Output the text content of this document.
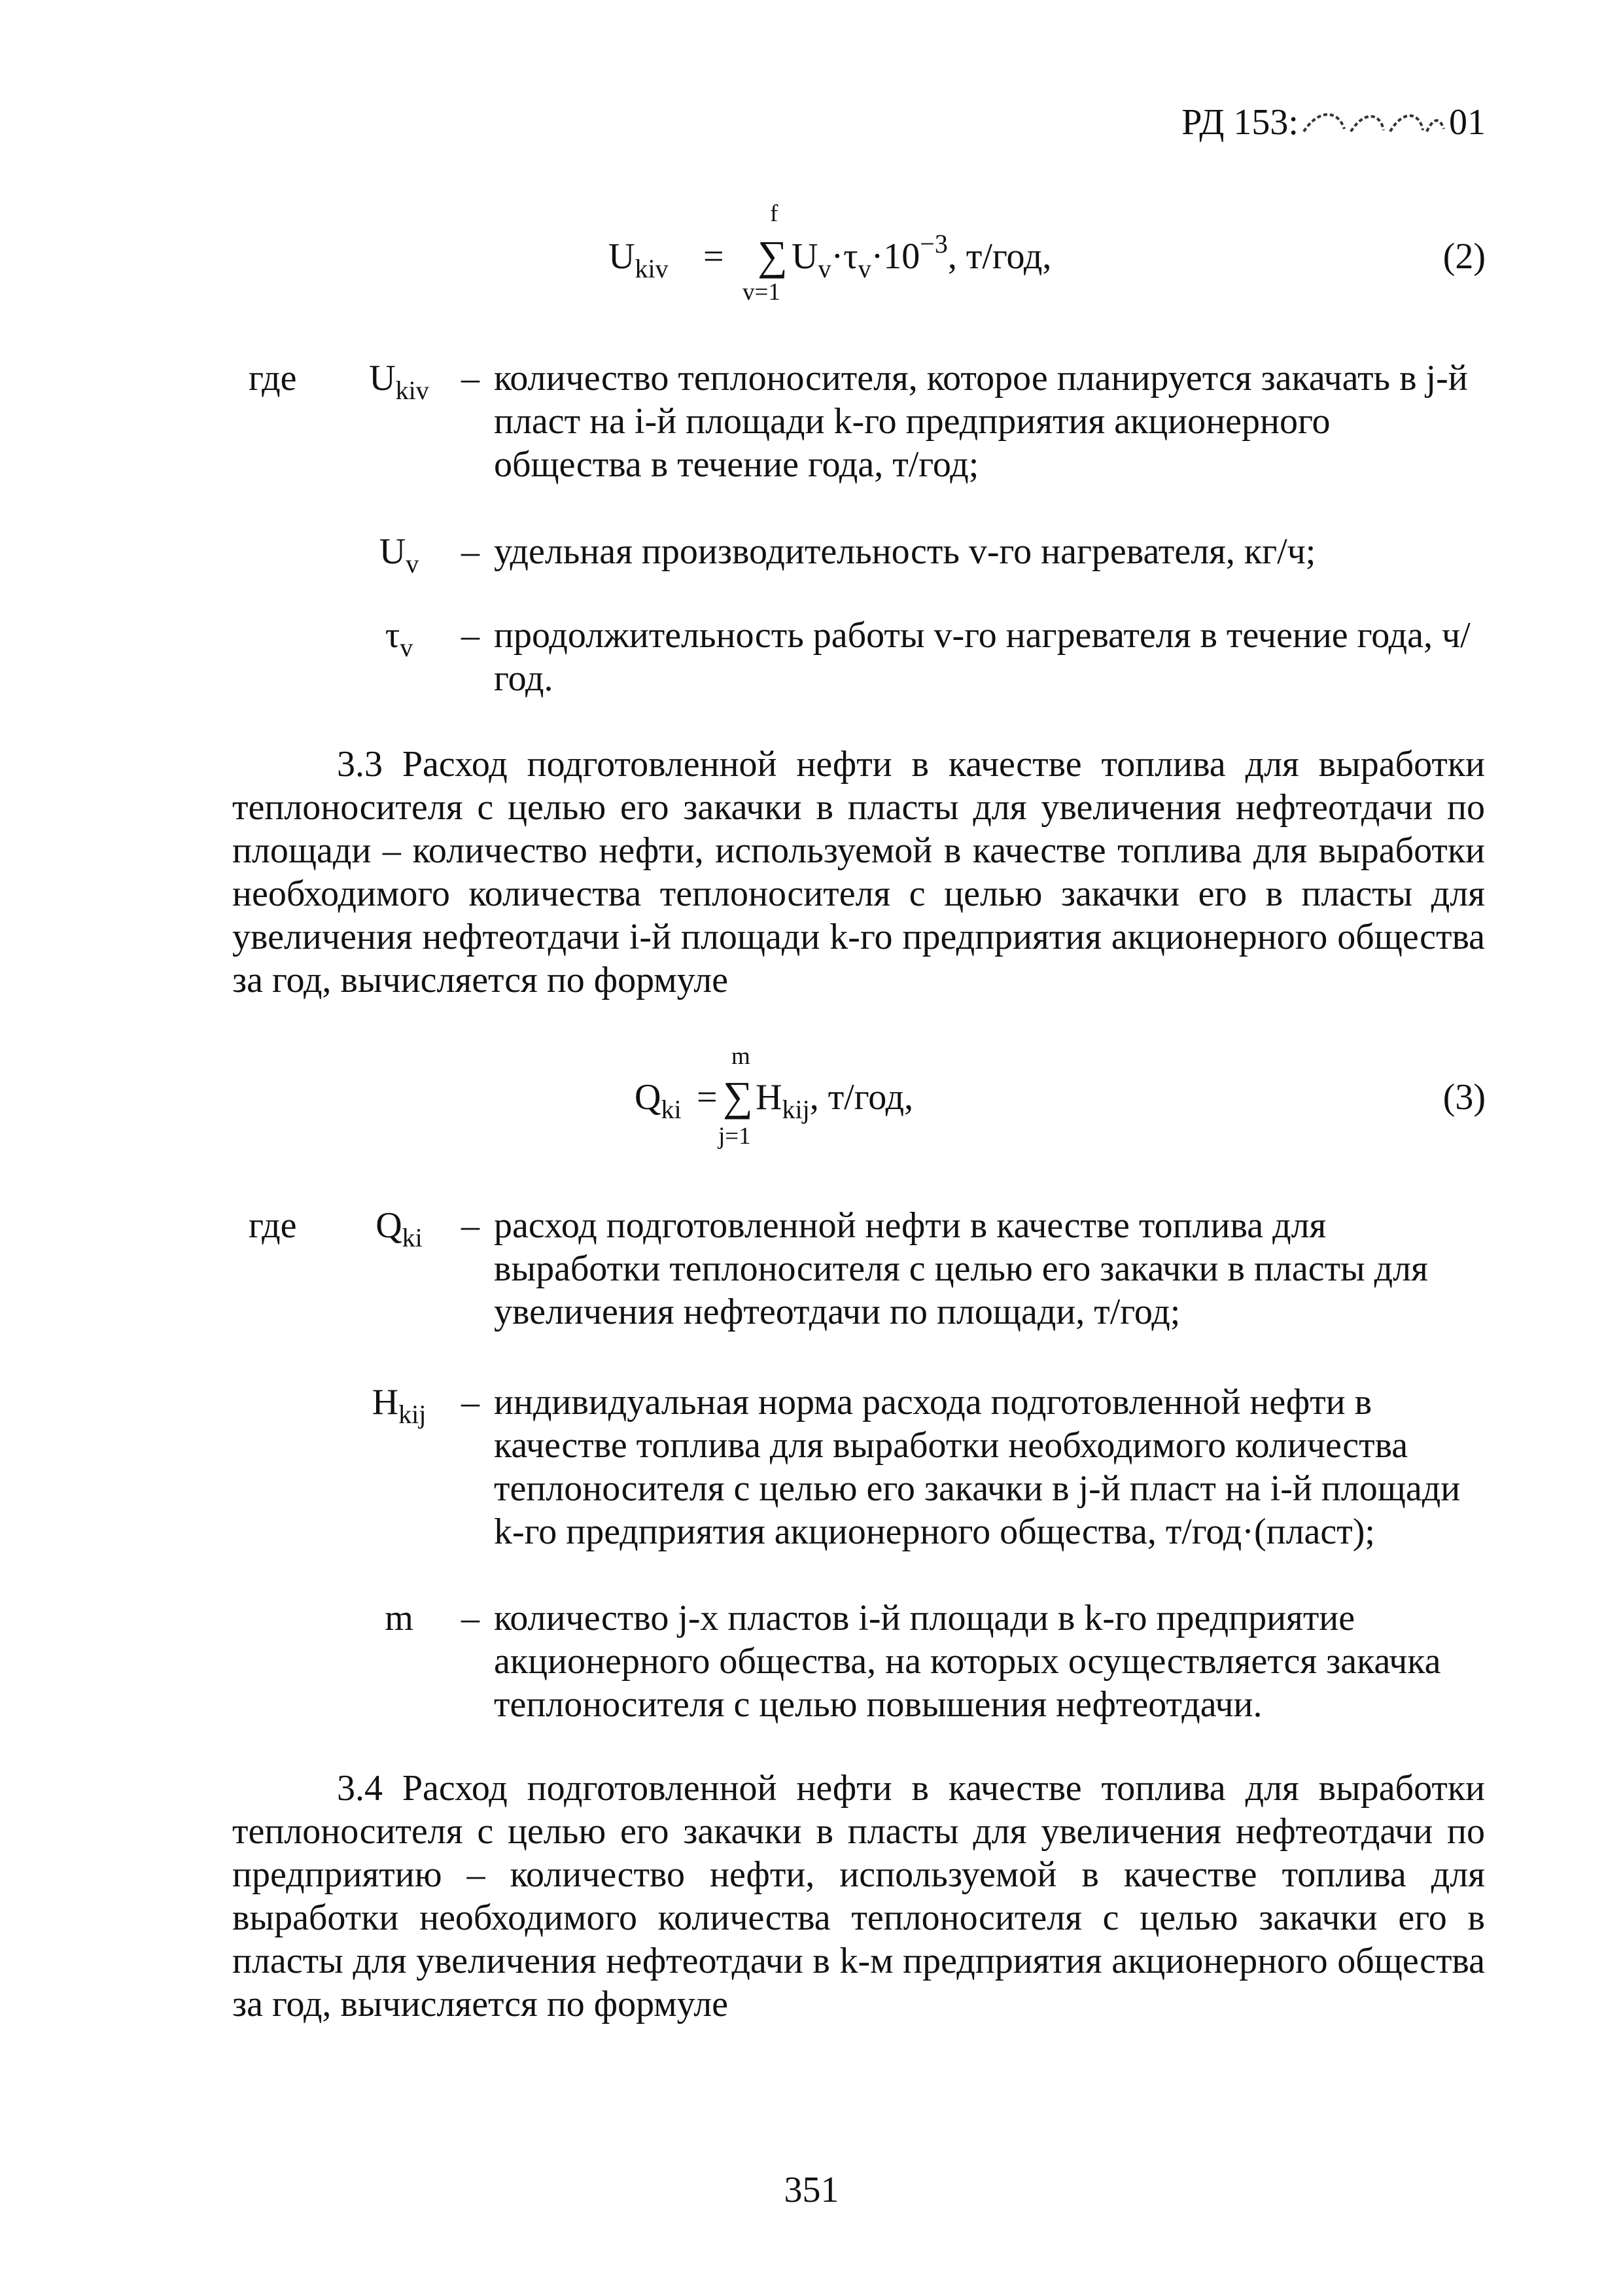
РД 153:	01
$U_{kiv}$ =
f
∑
v=1
$U_v\cdot\tau_v\cdot 10^{-3}$, т/год,	(2)
где	$U_{kiv}$ – количество теплоносителя, которое планируется закачать в j-й пласт на i-й площади k-го предприятия акционерного общества в течение года, т/год;
$U_v$	– удельная производительность v-го нагревателя, кг/ч;
$\tau_v$	– продолжительность работы v-го нагревателя в течение года, ч/год.

3.3 Расход подготовленной нефти в качестве топлива для выработки теплоносителя с целью его закачки в пласты для увеличения нефтеотдачи по площади – количество нефти, используемой в качестве топлива для выработки необходимого количества теплоносителя с целью закачки его в пласты для увеличения нефтеотдачи i-й площади k-го предприятия акционерного общества за год, вычисляется по формуле

$Q_{ki}$ =
m
∑
j=1
$H_{kij}$, т/год,	(3)
где	$Q_{ki}$	– расход подготовленной нефти в качестве топлива для выработки теплоносителя с целью его закачки в пласты для увеличения нефтеотдачи по площади, т/год;
$H_{kij}$ – индивидуальная норма расхода подготовленной нефти в качестве топлива для выработки необходимого количества теплоносителя с целью его закачки в j-й пласт на i-й площади k-го предприятия акционерного общества, т/год·(пласт);
m	– количество j-х пластов i-й площади в k-го предприятие акционерного общества, на которых осуществляется закачка теплоносителя с целью повышения нефтеотдачи.

3.4 Расход подготовленной нефти в качестве топлива для выработки теплоносителя с целью его закачки в пласты для увеличения нефтеотдачи по предприятию – количество нефти, используемой в качестве топлива для выработки необходимого количества теплоносителя с целью закачки его в пласты для увеличения нефтеотдачи в k-м предприятия акционерного общества за год, вычисляется по формуле

351
